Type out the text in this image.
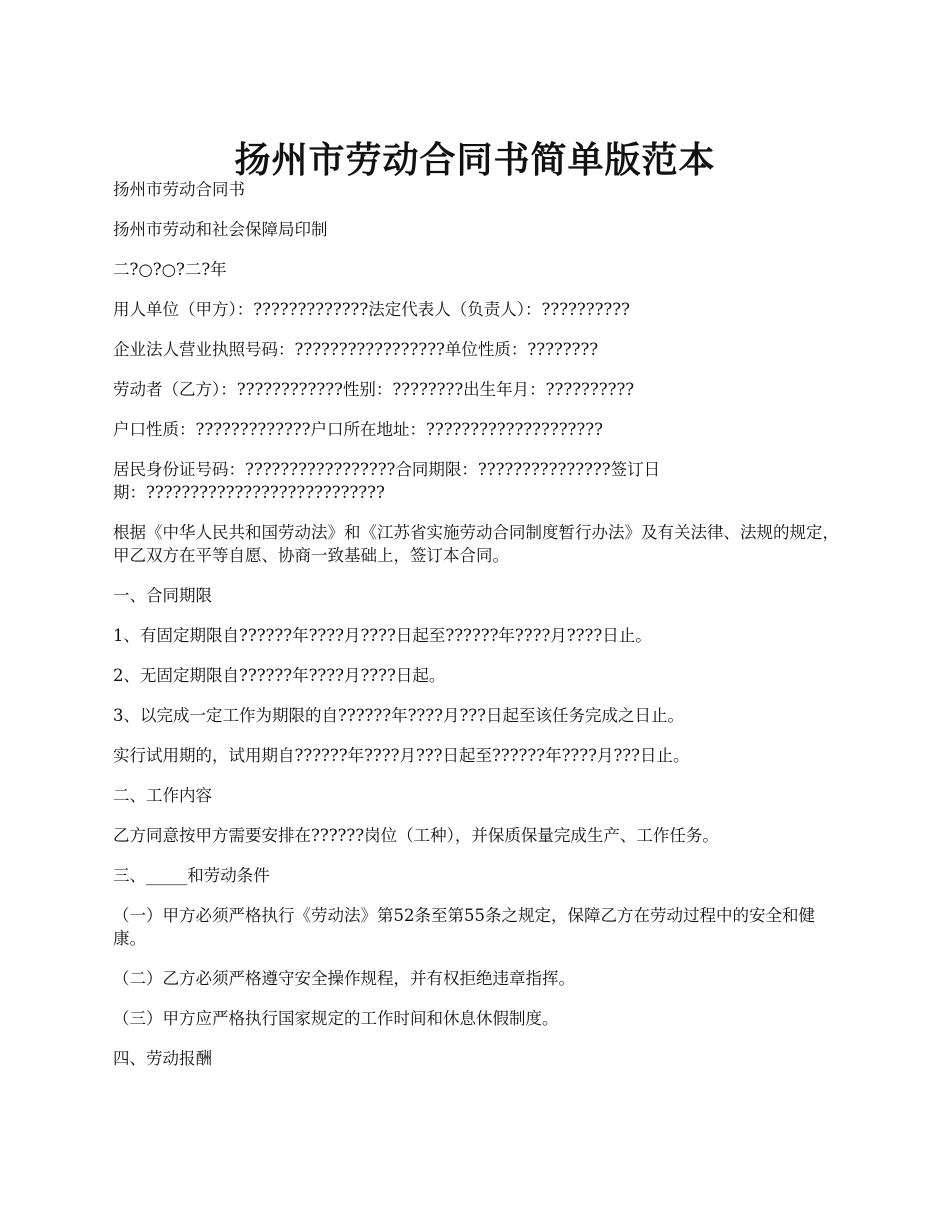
扬州市劳动合同书简单版范本

扬州市劳动合同书

扬州市劳动和社会保障局印制

二?○?○?二?年

用人单位（甲方）：?????????????法定代表人（负责人）：??????????

企业法人营业执照号码：?????????????????单位性质：????????

劳动者（乙方）：????????????性别：????????出生年月：??????????

户口性质：?????????????户口所在地址：????????????????????

居民身份证号码：?????????????????合同期限：???????????????签订日期：???????????????????????????

根据《中华人民共和国劳动法》和《江苏省实施劳动合同制度暂行办法》及有关法律、法规的规定，甲乙双方在平等自愿、协商一致基础上，签订本合同。

一、合同期限

1、有固定期限自??????年????月????日起至??????年????月????日止。

2、无固定期限自??????年????月????日起。

3、以完成一定工作为期限的自??????年????月???日起至该任务完成之日止。

实行试用期的，试用期自??????年????月???日起至??????年????月???日止。

二、工作内容

乙方同意按甲方需要安排在??????岗位（工种），并保质保量完成生产、工作任务。

三、_____和劳动条件

（一）甲方必须严格执行《劳动法》第52条至第55条之规定，保障乙方在劳动过程中的安全和健康。

（二）乙方必须严格遵守安全操作规程，并有权拒绝违章指挥。

（三）甲方应严格执行国家规定的工作时间和休息休假制度。

四、劳动报酬
